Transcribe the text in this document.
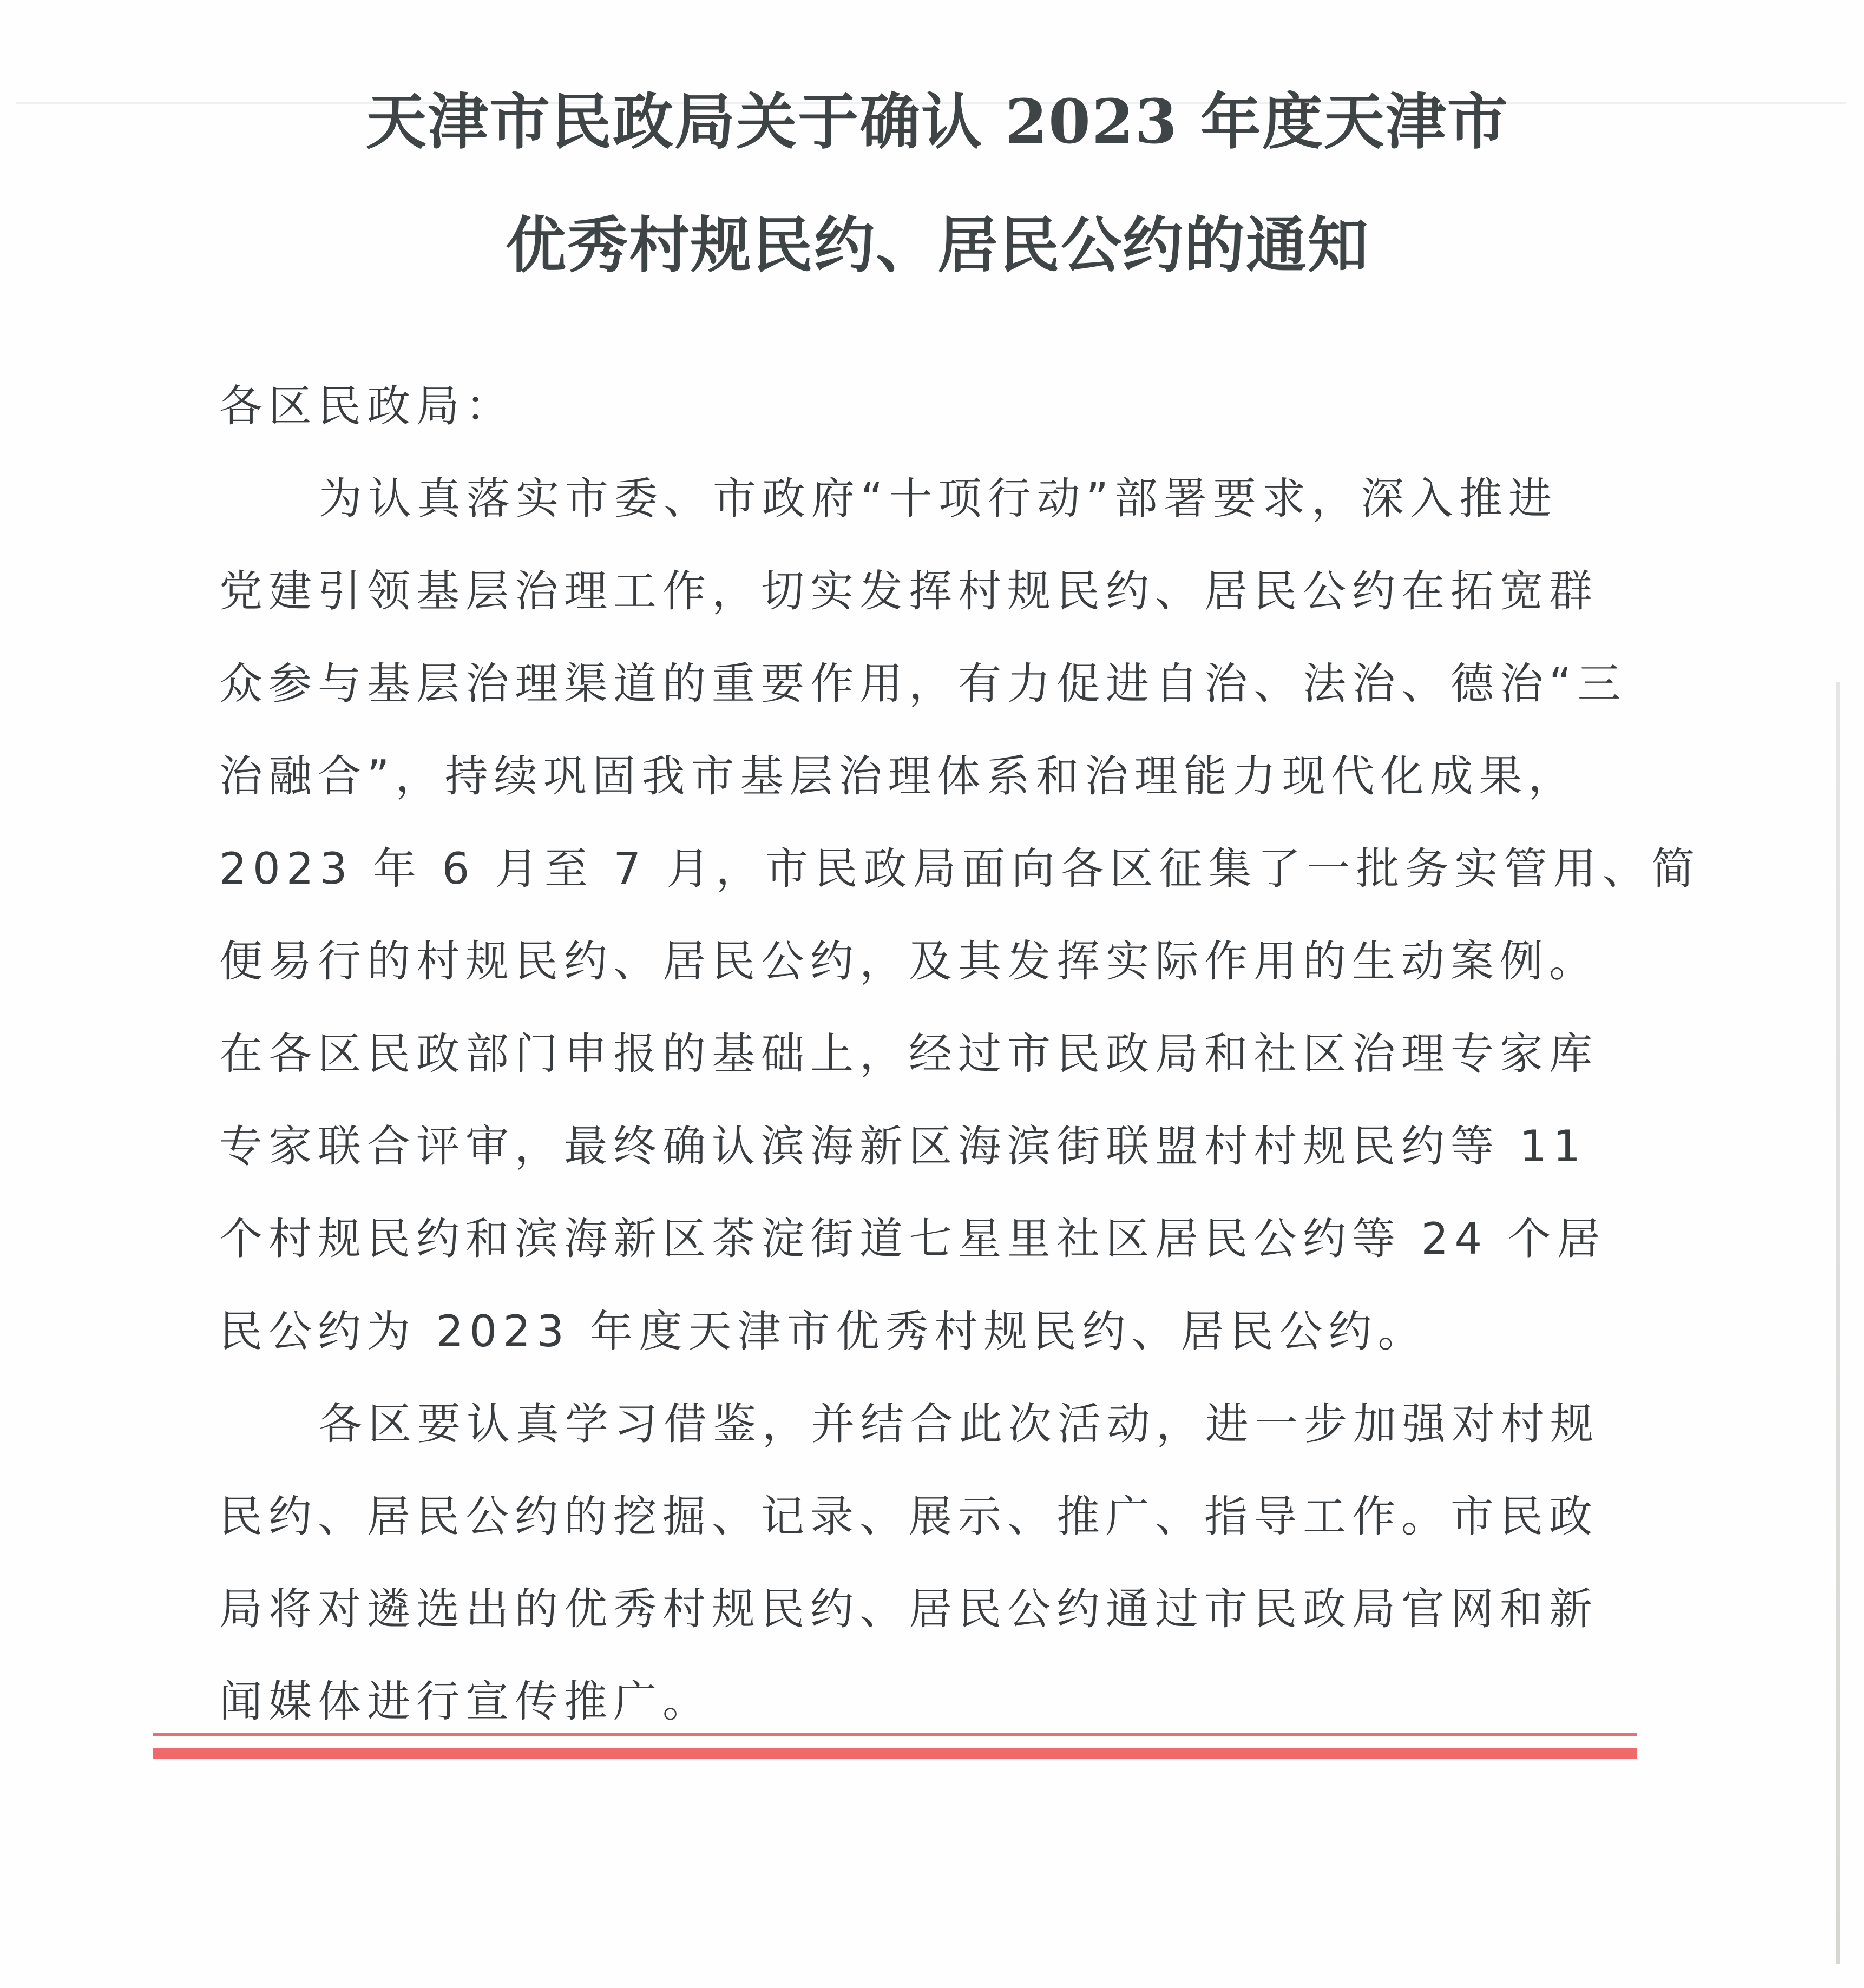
天津市民政局关于确认 2023 年度天津市
优秀村规民约、居民公约的通知
各区民政局：
为认真落实市委、市政府“十项行动”部署要求，深入推进
党建引领基层治理工作，切实发挥村规民约、居民公约在拓宽群
众参与基层治理渠道的重要作用，有力促进自治、法治、德治“三
治融合”，持续巩固我市基层治理体系和治理能力现代化成果，
2023 年 6 月至 7 月，市民政局面向各区征集了一批务实管用、简
便易行的村规民约、居民公约，及其发挥实际作用的生动案例。
在各区民政部门申报的基础上，经过市民政局和社区治理专家库
专家联合评审，最终确认滨海新区海滨街联盟村村规民约等 11
个村规民约和滨海新区茶淀街道七星里社区居民公约等 24 个居
民公约为 2023 年度天津市优秀村规民约、居民公约。
各区要认真学习借鉴，并结合此次活动，进一步加强对村规
民约、居民公约的挖掘、记录、展示、推广、指导工作。市民政
局将对遴选出的优秀村规民约、居民公约通过市民政局官网和新
闻媒体进行宣传推广。
